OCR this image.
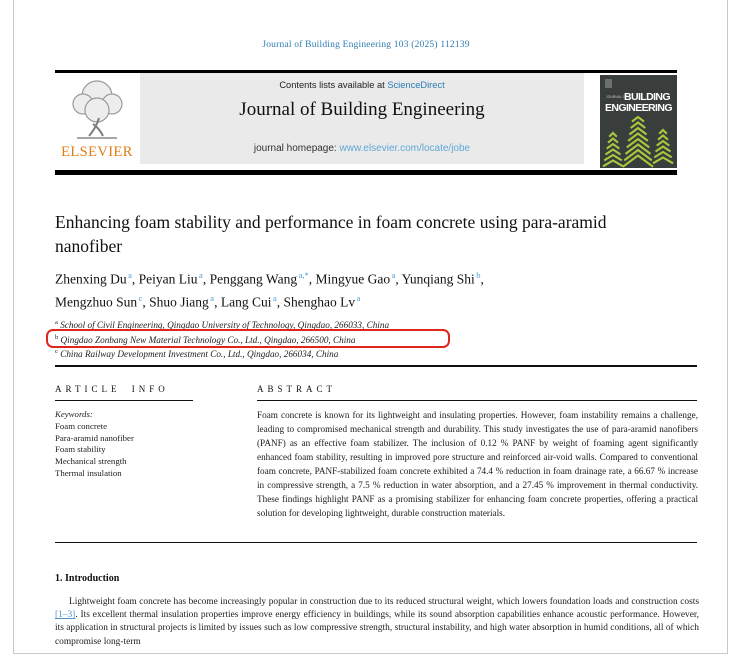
Journal of Building Engineering 103 (2025) 112139
ELSEVIER
Contents lists available at ScienceDirect
Journal of Building Engineering
journal homepage: www.elsevier.com/locate/jobe
JOURNAL OF
BUILDING
ENGINEERING
Enhancing foam stability and performance in foam concrete using para-aramid nanofiber
Zhenxing Du $^a$, Peiyan Liu $^a$, Penggang Wang $^{a,*}$, Mingyue Gao $^a$, Yunqiang Shi $^b$,
Mengzhuo Sun $^c$, Shuo Jiang $^a$, Lang Cui $^a$, Shenghao Lv $^a$
$^a$ School of Civil Engineering, Qingdao University of Technology, Qingdao, 266033, China
$^b$ Qingdao Zonbang New Material Technology Co., Ltd., Qingdao, 266500, China
$^c$ China Railway Development Investment Co., Ltd., Qingdao, 266034, China
ARTICLE INFO
Keywords:
Foam concrete
Para-aramid nanofiber
Foam stability
Mechanical strength
Thermal insulation
ABSTRACT
Foam concrete is known for its lightweight and insulating properties. However, foam instability remains a challenge, leading to compromised mechanical strength and durability. This study investigates the use of para-aramid nanofibers (PANF) as an effective foam stabilizer. The inclusion of 0.12 % PANF by weight of foaming agent significantly enhanced foam stability, resulting in improved pore structure and reinforced air-void walls. Compared to conventional foam concrete, PANF-stabilized foam concrete exhibited a 74.4 % reduction in foam drainage rate, a 66.67 % increase in compressive strength, a 7.5 % reduction in water absorption, and a 27.45 % improvement in thermal conductivity. These findings highlight PANF as a promising stabilizer for enhancing foam concrete properties, offering a practical solution for developing lightweight, durable construction materials.
1. Introduction
Lightweight foam concrete has become increasingly popular in construction due to its reduced structural weight, which lowers foundation loads and construction costs [1–3]. Its excellent thermal insulation properties improve energy efficiency in buildings, while its sound absorption capabilities enhance acoustic performance. However, its application in structural projects is limited by issues such as low compressive strength, structural instability, and high water absorption in humid conditions, all of which compromise long-term
